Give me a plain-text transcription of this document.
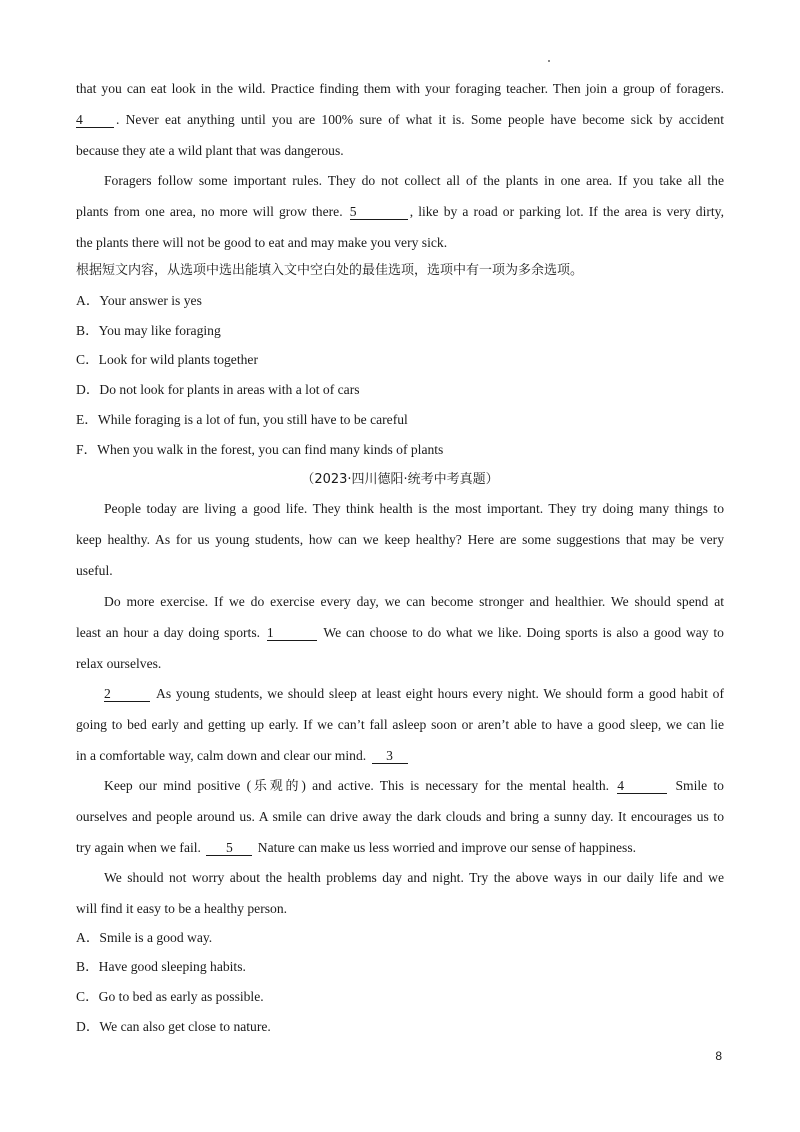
that you can eat look in the wild. Practice finding them with your foraging teacher. Then join a group of foragers.
4 . Never eat anything until you are 100% sure of what it is. Some people have become sick by accident
because they ate a wild plant that was dangerous.
Foragers follow some important rules. They do not collect all of the plants in one area. If you take all the
plants from one area, no more will grow there. 5	, like by a road or parking lot. If the area is very dirty,
the plants there will not be good to eat and may make you very sick.
根据短文内容，从选项中选出能填入文中空白处的最佳选项，选项中有一项为多余选项。
A．Your answer is yes
B．You may like foraging
C．Look for wild plants together
D．Do not look for plants in areas with a lot of cars
E．While foraging is a lot of fun, you still have to be careful
F．When you walk in the forest, you can find many kinds of plants
（2023·四川德阳·统考中考真题）
People today are living a good life. They think health is the most important. They try doing many things to
keep healthy. As for us young students, how can we keep healthy? Here are some suggestions that may be very
useful.
Do more exercise. If we do exercise every day, we can become stronger and healthier. We should spend at
least an hour a day doing sports. 1	We can choose to do what we like. Doing sports is also a good way to
relax ourselves.
2	As young students, we should sleep at least eight hours every night. We should form a good habit of
going to bed early and getting up early. If we can’t fall asleep soon or aren’t able to have a good sleep, we can lie
in a comfortable way, calm down and clear our mind. 3
Keep our mind positive (乐观的) and active. This is necessary for the mental health. 4	Smile to
ourselves and people around us. A smile can drive away the dark clouds and bring a sunny day. It encourages us to
try again when we fail. 5 Nature can make us less worried and improve our sense of happiness.
We should not worry about the health problems day and night. Try the above ways in our daily life and we
will find it easy to be a healthy person.
A．Smile is a good way.
B．Have good sleeping habits.
C．Go to bed as early as possible.
D．We can also get close to nature.
8
